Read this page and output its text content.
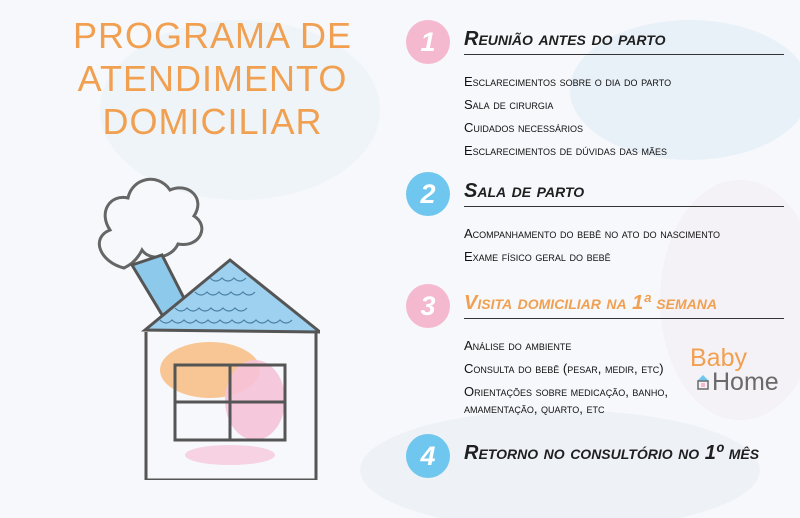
PROGRAMA DE
ATENDIMENTO
DOMICILIAR
1	Reunião antes do parto
Esclarecimentos sobre o dia do parto
Sala de cirurgia
Cuidados necessários
Esclarecimentos de dúvidas das mães
2	Sala de parto
Acompanhamento do bebê no ato do nascimento
Exame físico geral do bebê
3	Visita domiciliar na 1ª semana
Análise do ambiente
Consulta do bebê (pesar, medir, etc)
Orientações sobre medicação, banho,
amamentação, quarto, etc
4	Retorno no consultório no 1º mês
Baby
Home
